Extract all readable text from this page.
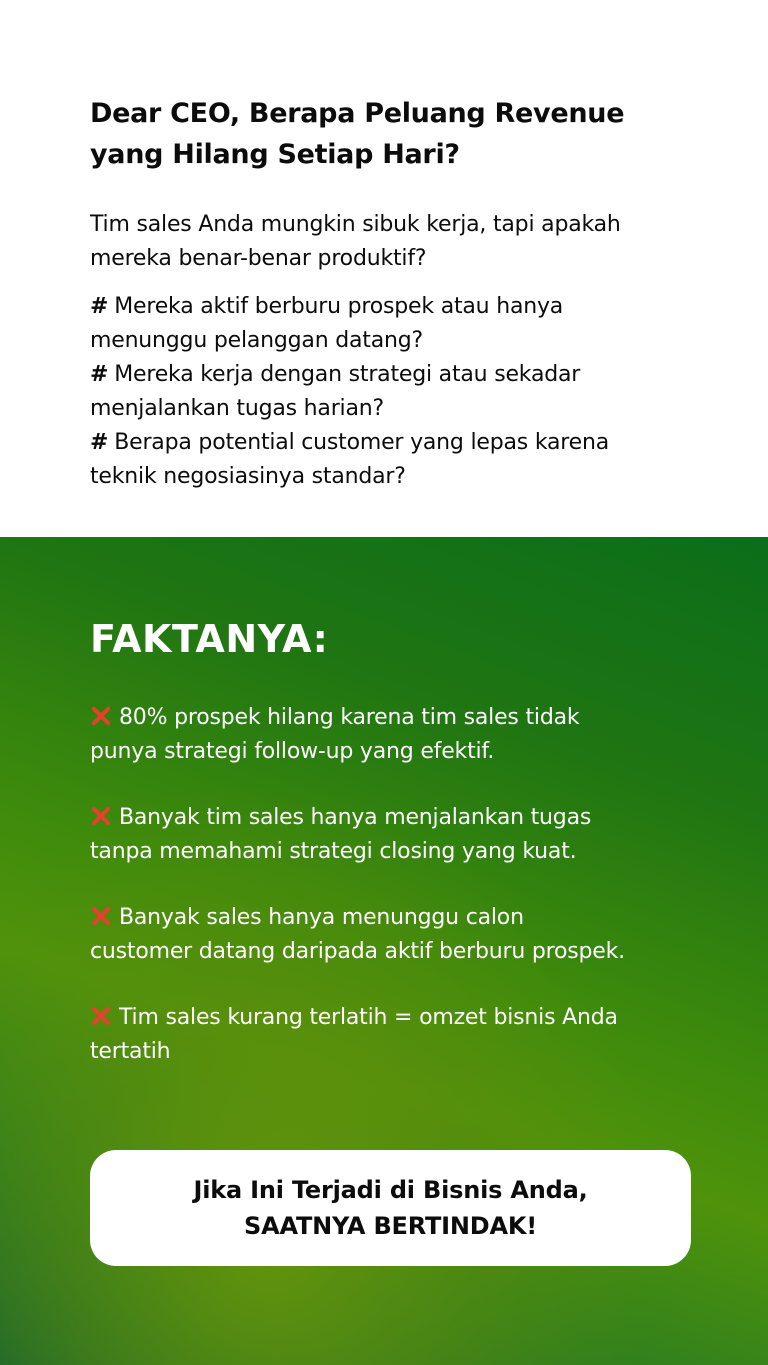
Dear CEO, Berapa Peluang Revenue
yang Hilang Setiap Hari?

Tim sales Anda mungkin sibuk kerja, tapi apakah
mereka benar-benar produktif?

# Mereka aktif berburu prospek atau hanya
menunggu pelanggan datang?
# Mereka kerja dengan strategi atau sekadar
menjalankan tugas harian?
# Berapa potential customer yang lepas karena
teknik negosiasinya standar?
FAKTANYA:
80% prospek hilang karena tim sales tidak
punya strategi follow-up yang efektif.
Banyak tim sales hanya menjalankan tugas
tanpa memahami strategi closing yang kuat.
Banyak sales hanya menunggu calon
customer datang daripada aktif berburu prospek.
Tim sales kurang terlatih = omzet bisnis Anda
tertatih
Jika Ini Terjadi di Bisnis Anda,
SAATNYA BERTINDAK!
